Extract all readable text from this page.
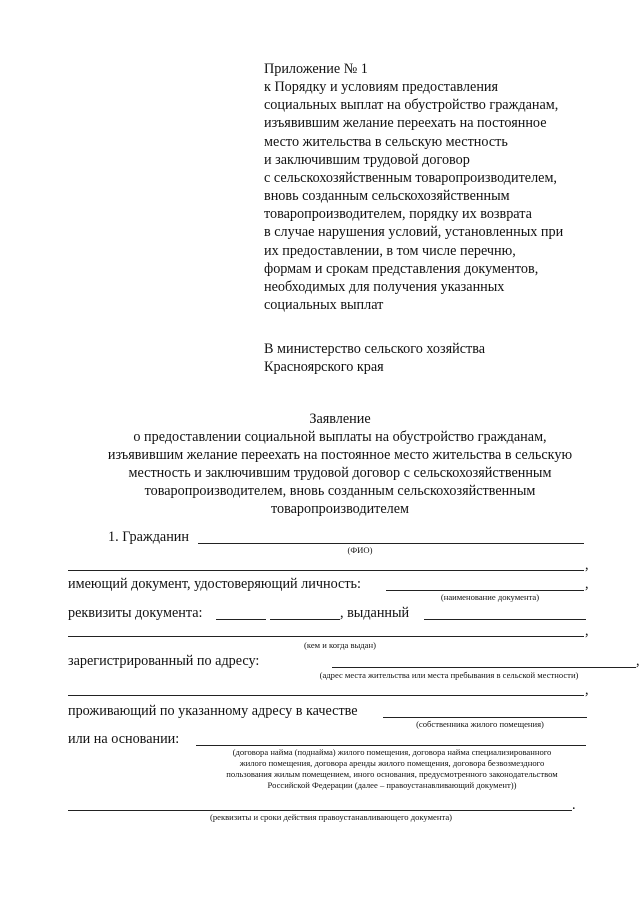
Приложение № 1
к Порядку и условиям предоставления
социальных выплат на обустройство гражданам,
изъявившим желание переехать на постоянное
место жительства в сельскую местность
и заключившим трудовой договор
с сельскохозяйственным товаропроизводителем,
вновь созданным сельскохозяйственным
товаропроизводителем, порядку их возврата
в случае нарушения условий, установленных при
их предоставлении, в том числе перечню,
формам и срокам представления документов,
необходимых для получения указанных
социальных выплат
В министерство сельского хозяйства
Красноярского края
Заявление
о предоставлении социальной выплаты на обустройство гражданам,
изъявившим желание переехать на постоянное место жительства в сельскую
местность и заключившим трудовой договор с сельскохозяйственным
товаропроизводителем, вновь созданным сельскохозяйственным
товаропроизводителем
1. Гражданин
(ФИО)
,
имеющий документ, удостоверяющий личность:	,
(наименование документа)
реквизиты документа:	, выданный
,
(кем и когда выдан)
зарегистрированный по адресу:	,
(адрес места жительства или места пребывания в сельской местности)
,
проживающий по указанному адресу в качестве
(собственника жилого помещения)
или на основании:
(договора найма (поднайма) жилого помещения, договора найма специализированного
жилого помещения, договора аренды жилого помещения, договора безвозмездного
пользования жилым помещением, иного основания, предусмотренного законодательством
Российской Федерации (далее – правоустанавливающий документ))
.
(реквизиты и сроки действия правоустанавливающего документа)
